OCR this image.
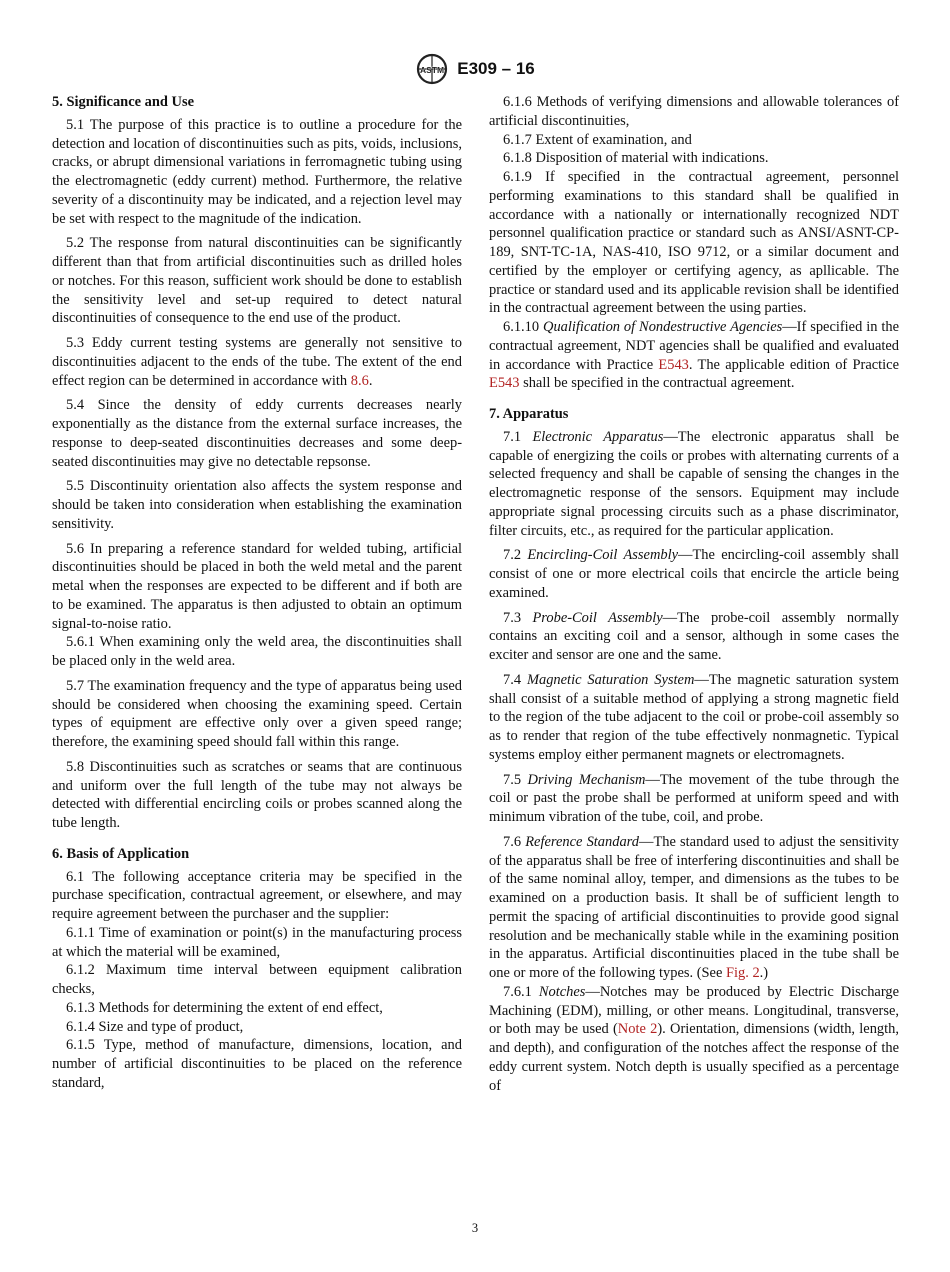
ASTM E309 – 16
5. Significance and Use

5.1 The purpose of this practice is to outline a procedure for the detection and location of discontinuities such as pits, voids, inclusions, cracks, or abrupt dimensional variations in ferromagnetic tubing using the electromagnetic (eddy current) method. Furthermore, the relative severity of a discontinuity may be indicated, and a rejection level may be set with respect to the magnitude of the indication.

5.2 The response from natural discontinuities can be significantly different than that from artificial discontinuities such as drilled holes or notches. For this reason, sufficient work should be done to establish the sensitivity level and set-up required to detect natural discontinuities of consequence to the end use of the product.

5.3 Eddy current testing systems are generally not sensitive to discontinuities adjacent to the ends of the tube. The extent of the end effect region can be determined in accordance with 8.6.

5.4 Since the density of eddy currents decreases nearly exponentially as the distance from the external surface increases, the response to deep-seated discontinuities decreases and some deep-seated discontinuities may give no detectable repsonse.

5.5 Discontinuity orientation also affects the system response and should be taken into consideration when establishing the examination sensitivity.

5.6 In preparing a reference standard for welded tubing, artificial discontinuities should be placed in both the weld metal and the parent metal when the responses are expected to be different and if both are to be examined. The apparatus is then adjusted to obtain an optimum signal-to-noise ratio.

5.6.1 When examining only the weld area, the discontinuities shall be placed only in the weld area.

5.7 The examination frequency and the type of apparatus being used should be considered when choosing the examining speed. Certain types of equipment are effective only over a given speed range; therefore, the examining speed should fall within this range.

5.8 Discontinuities such as scratches or seams that are continuous and uniform over the full length of the tube may not always be detected with differential encircling coils or probes scanned along the tube length.

6. Basis of Application

6.1 The following acceptance criteria may be specified in the purchase specification, contractual agreement, or elsewhere, and may require agreement between the purchaser and the supplier:

6.1.1 Time of examination or point(s) in the manufacturing process at which the material will be examined,

6.1.2 Maximum time interval between equipment calibration checks,

6.1.3 Methods for determining the extent of end effect,

6.1.4 Size and type of product,

6.1.5 Type, method of manufacture, dimensions, location, and number of artificial discontinuities to be placed on the reference standard,

6.1.6 Methods of verifying dimensions and allowable tolerances of artificial discontinuities,

6.1.7 Extent of examination, and

6.1.8 Disposition of material with indications.

6.1.9 If specified in the contractual agreement, personnel performing examinations to this standard shall be qualified in accordance with a nationally or internationally recognized NDT personnel qualification practice or standard such as ANSI/ASNT-CP-189, SNT-TC-1A, NAS-410, ISO 9712, or a similar document and certified by the employer or certifying agency, as apllicable. The practice or standard used and its applicable revision shall be identified in the contractual agreement between the using parties.

6.1.10 Qualification of Nondestructive Agencies—If specified in the contractual agreement, NDT agencies shall be qualified and evaluated in accordance with Practice E543. The applicable edition of Practice E543 shall be specified in the contractual agreement.

7. Apparatus

7.1 Electronic Apparatus—The electronic apparatus shall be capable of energizing the coils or probes with alternating currents of a selected frequency and shall be capable of sensing the changes in the electromagnetic response of the sensors. Equipment may include appropriate signal processing circuits such as a phase discriminator, filter circuits, etc., as required for the particular application.

7.2 Encircling-Coil Assembly—The encircling-coil assembly shall consist of one or more electrical coils that encircle the article being examined.

7.3 Probe-Coil Assembly—The probe-coil assembly normally contains an exciting coil and a sensor, although in some cases the exciter and sensor are one and the same.

7.4 Magnetic Saturation System—The magnetic saturation system shall consist of a suitable method of applying a strong magnetic field to the region of the tube adjacent to the coil or probe-coil assembly so as to render that region of the tube effectively nonmagnetic. Typical systems employ either permanent magnets or electromagnets.

7.5 Driving Mechanism—The movement of the tube through the coil or past the probe shall be performed at uniform speed and with minimum vibration of the tube, coil, and probe.

7.6 Reference Standard—The standard used to adjust the sensitivity of the apparatus shall be free of interfering discontinuities and shall be of the same nominal alloy, temper, and dimensions as the tubes to be examined on a production basis. It shall be of sufficient length to permit the spacing of artificial discontinuities to provide good signal resolution and be mechanically stable while in the examining position in the apparatus. Artificial discontinuities placed in the tube shall be one or more of the following types. (See Fig. 2.)

7.6.1 Notches—Notches may be produced by Electric Discharge Machining (EDM), milling, or other means. Longitudinal, transverse, or both may be used (Note 2). Orientation, dimensions (width, length, and depth), and configuration of the notches affect the response of the eddy current system. Notch depth is usually specified as a percentage of

3
